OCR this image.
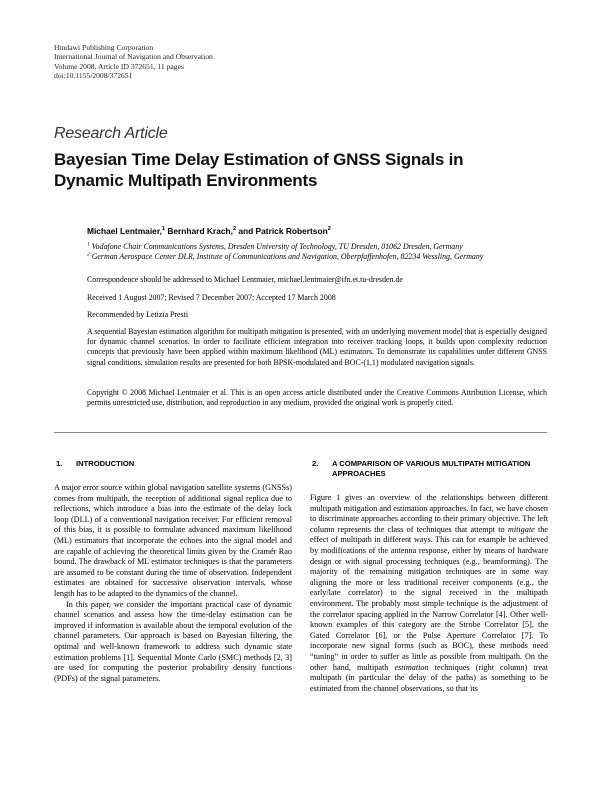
Hindawi Publishing Corporation
International Journal of Navigation and Observation
Volume 2008, Article ID 372651, 11 pages
doi:10.1155/2008/372651
Research Article
Bayesian Time Delay Estimation of GNSS Signals in
Dynamic Multipath Environments
Michael Lentmaier,$^1$ Bernhard Krach,$^2$ and Patrick Robertson$^2$
$^1$ Vodafone Chair Communications Systems, Dresden University of Technology, TU Dresden, 01062 Dresden, Germany
$^2$ German Aerospace Center DLR, Institute of Communications and Navigation, Oberpfaffenhofen, 82234 Wessling, Germany
Correspondence should be addressed to Michael Lentmaier, michael.lentmaier@ifn.et.tu-dresden.de
Received 1 August 2007; Revised 7 December 2007; Accepted 17 March 2008
Recommended by Letizia Presti
A sequential Bayesian estimation algorithm for multipath mitigation is presented, with an underlying movement model that is especially designed for dynamic channel scenarios. In order to facilitate efficient integration into receiver tracking loops, it builds upon complexity reduction concepts that previously have been applied within maximum likelihood (ML) estimators. To demonstrate its capabilities under different GNSS signal conditions, simulation results are presented for both BPSK-modulated and BOC-(1,1) modulated navigation signals.
Copyright © 2008 Michael Lentmaier et al. This is an open access article distributed under the Creative Commons Attribution License, which permits unrestricted use, distribution, and reproduction in any medium, provided the original work is properly cited.
1.	INTRODUCTION

A major error source within global navigation satellite systems (GNSSs) comes from multipath, the reception of additional signal replica due to reflections, which introduce a bias into the estimate of the delay lock loop (DLL) of a conventional navigation receiver. For efficient removal of this bias, it is possible to formulate advanced maximum likelihood (ML) estimators that incorporate the echoes into the signal model and are capable of achieving the theoretical limits given by the Cramér Rao bound. The drawback of ML estimator techniques is that the parameters are assumed to be constant during the time of observation. Independent estimates are obtained for successive observation intervals, whose length has to be adapted to the dynamics of the channel.

In this paper, we consider the important practical case of dynamic channel scenarios and assess how the time-delay estimation can be improved if information is available about the temporal evolution of the channel parameters. Our approach is based on Bayesian filtering, the optimal and well-known framework to address such dynamic state estimation problems [1]. Sequential Monte Carlo (SMC) methods [2, 3] are used for computing the posterior probability density functions (PDFs) of the signal parameters.

2.	A COMPARISON OF VARIOUS MULTIPATH MITIGATION APPROACHES

Figure 1 gives an overview of the relationships between different multipath mitigation and estimation approaches. In fact, we have chosen to discriminate approaches according to their primary objective. The left column represents the class of techniques that attempt to mitigate the effect of multipath in different ways. This can for example be achieved by modifications of the antenna response, either by means of hardware design or with signal processing techniques (e.g., beamforming). The majority of the remaining mitigation techniques are in some way aligning the more or less traditional receiver components (e.g., the early/late correlator) to the signal received in the multipath environment. The probably most simple technique is the adjustment of the correlator spacing applied in the Narrow Correlator [4]. Other well-known examples of this category are the Strobe Correlator [5], the Gated Correlator [6], or the Pulse Aperture Correlator [7]. To incorporate new signal forms (such as BOC), these methods need “tuning” in order to suffer as little as possible from multipath. On the other hand, multipath estimation techniques (right column) treat multipath (in particular the delay of the paths) as something to be estimated from the channel observations, so that its
